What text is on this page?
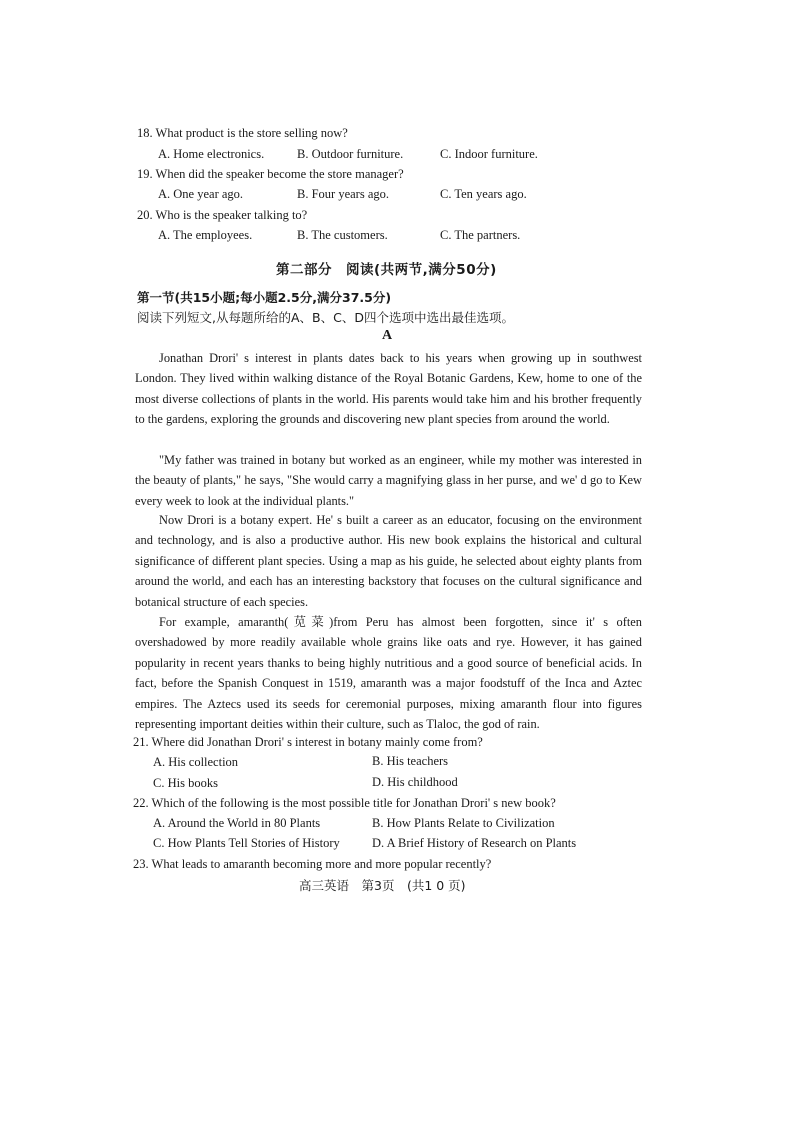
18. What product is the store selling now?
A. Home electronics.	B. Outdoor furniture.	C. Indoor furniture.
19. When did the speaker become the store manager?
A. One year ago.	B. Four years ago.	C. Ten years ago.
20. Who is the speaker talking to?
A. The employees.	B. The customers.	C. The partners.
第二部分　阅读(共两节,满分50分)
第一节(共15小题;每小题2.5分,满分37.5分)
阅读下列短文,从每题所给的A、B、C、D四个选项中选出最佳选项。
A
Jonathan Drori' s interest in plants dates back to his years when growing up in southwest London. They lived within walking distance of the Royal Botanic Gardens, Kew, home to one of the most diverse collections of plants in the world. His parents would take him and his brother frequently to the gardens, exploring the grounds and discovering new plant species from around the world.
"My father was trained in botany but worked as an engineer, while my mother was interested in the beauty of plants," he says, "She would carry a magnifying glass in her purse, and we' d go to Kew every week to look at the individual plants."
Now Drori is a botany expert. He' s built a career as an educator, focusing on the environment and technology, and is also a productive author. His new book explains the historical and cultural significance of different plant species. Using a map as his guide, he selected about eighty plants from around the world, and each has an interesting backstory that focuses on the cultural significance and botanical structure of each species.
For example, amaranth(苋菜)from Peru has almost been forgotten, since it' s often overshadowed by more readily available whole grains like oats and rye. However, it has gained popularity in recent years thanks to being highly nutritious and a good source of beneficial acids. In fact, before the Spanish Conquest in 1519, amaranth was a major foodstuff of the Inca and Aztec empires. The Aztecs used its seeds for ceremonial purposes, mixing amaranth flour into figures representing important deities within their culture, such as Tlaloc, the god of rain.
21. Where did Jonathan Drori' s interest in botany mainly come from?
A. His collection	B. His teachers
C. His books	D. His childhood
22. Which of the following is the most possible title for Jonathan Drori' s new book?
A. Around the World in 80 Plants	B. How Plants Relate to Civilization
C. How Plants Tell Stories of History	D. A Brief History of Research on Plants
23. What leads to amaranth becoming more and more popular recently?
高三英语　第3页　(共1 0 页)
